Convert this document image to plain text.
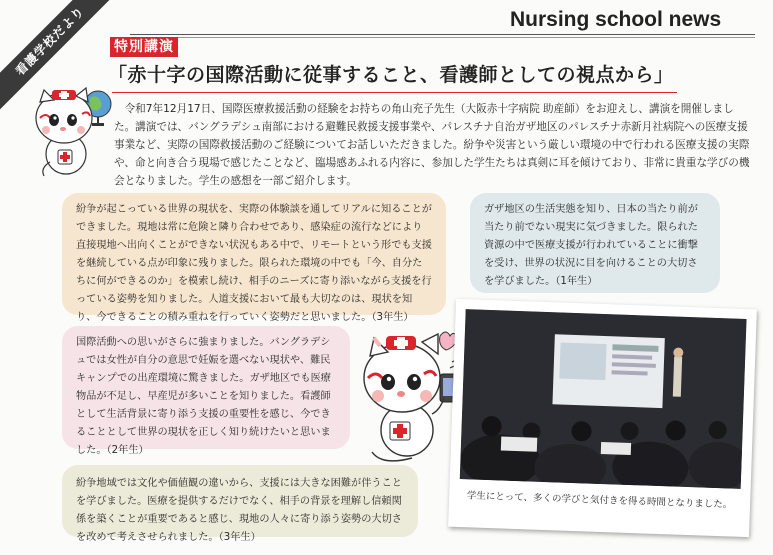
看護学校だより	Nursing school news
特別講演
「赤十字の国際活動に従事すること、看護師としての視点から」

令和7年12月17日、国際医療救援活動の経験をお持ちの角山充子先生（大阪赤十字病院 助産師）をお迎えし、講演を開催しました。講演では、バングラデシュ南部における避難民救援支援事業や、パレスチナ自治ガザ地区のパレスチナ赤新月社病院への医療支援事業など、実際の国際救援活動のご経験についてお話しいただきました。紛争や災害という厳しい環境の中で行われる医療支援の実際や、命と向き合う現場で感じたことなど、臨場感あふれる内容に、参加した学生たちは真剣に耳を傾けており、非常に貴重な学びの機会となりました。学生の感想を一部ご紹介します。

紛争が起こっている世界の現状を、実際の体験談を通してリアルに知ることができました。現地は常に危険と隣り合わせであり、感染症の流行などにより直接現地へ出向くことができない状況もある中で、リモートという形でも支援を継続している点が印象に残りました。限られた環境の中でも「今、自分たちに何ができるのか」を模索し続け、相手のニーズに寄り添いながら支援を行っている姿勢を知りました。人道支援において最も大切なのは、現状を知り、今できることの積み重ねを行っていく姿勢だと思いました。（3年生）

ガザ地区の生活実態を知り、日本の当たり前が当たり前でない現実に気づきました。限られた資源の中で医療支援が行われていることに衝撃を受け、世界の状況に目を向けることの大切さを学びました。（1年生）

国際活動への思いがさらに強まりました。バングラデシュでは女性が自分の意思で妊娠を選べない現状や、難民キャンプでの出産環境に驚きました。ガザ地区でも医療物品が不足し、早産児が多いことを知りました。看護師として生活背景に寄り添う支援の重要性を感じ、今できることとして世界の現状を正しく知り続けたいと思いました。（2年生）

紛争地域では文化や価値観の違いから、支援には大きな困難が伴うことを学びました。医療を提供するだけでなく、相手の背景を理解し信頼関係を築くことが重要であると感じ、現地の人々に寄り添う姿勢の大切さを改めて考えさせられました。（3年生）

学生にとって、多くの学びと気付きを得る時間となりました。
